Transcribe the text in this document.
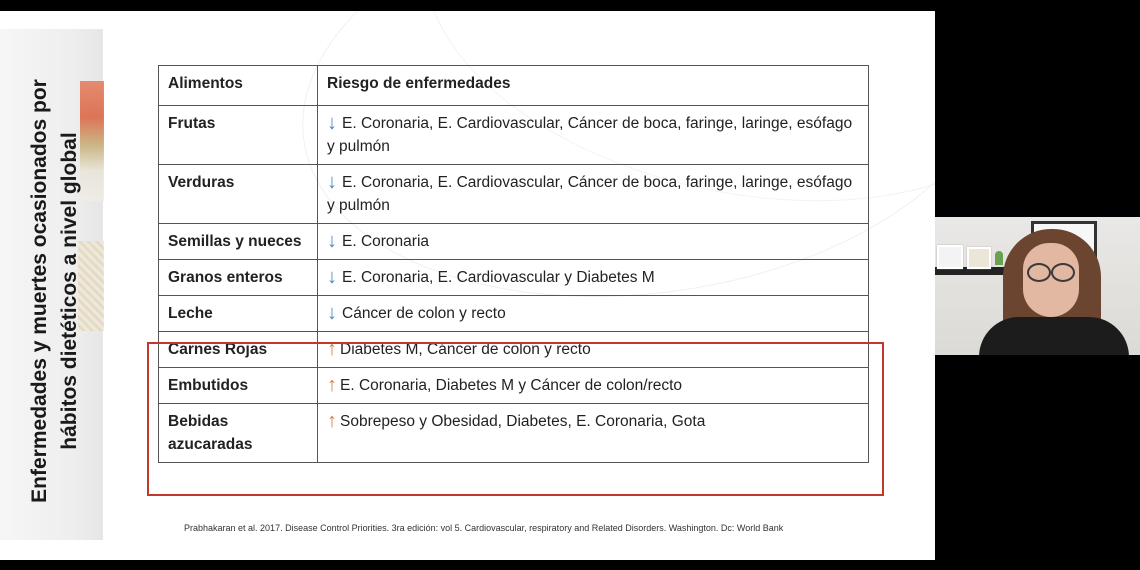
Enfermedades y muertes ocasionados por hábitos dietéticos a nivel global
Alimentos	Riesgo de enfermedades
Frutas	↓ E. Coronaria, E. Cardiovascular, Cáncer de boca, faringe, laringe, esófago y pulmón
Verduras	↓ E. Coronaria, E. Cardiovascular, Cáncer de boca, faringe, laringe, esófago y pulmón
Semillas y nueces	↓ E. Coronaria
Granos enteros	↓ E. Coronaria, E. Cardiovascular y Diabetes M
Leche	↓ Cáncer de colon y recto
Carnes Rojas	↑ Diabetes M, Cáncer de colon y recto
Embutidos	↑ E. Coronaria, Diabetes M y Cáncer de colon/recto
Bebidas azucaradas	↑ Sobrepeso y Obesidad, Diabetes, E. Coronaria, Gota
Prabhakaran et al. 2017. Disease Control Priorities. 3ra edición: vol 5. Cardiovascular, respiratory and Related Disorders. Washington. Dc: World Bank
